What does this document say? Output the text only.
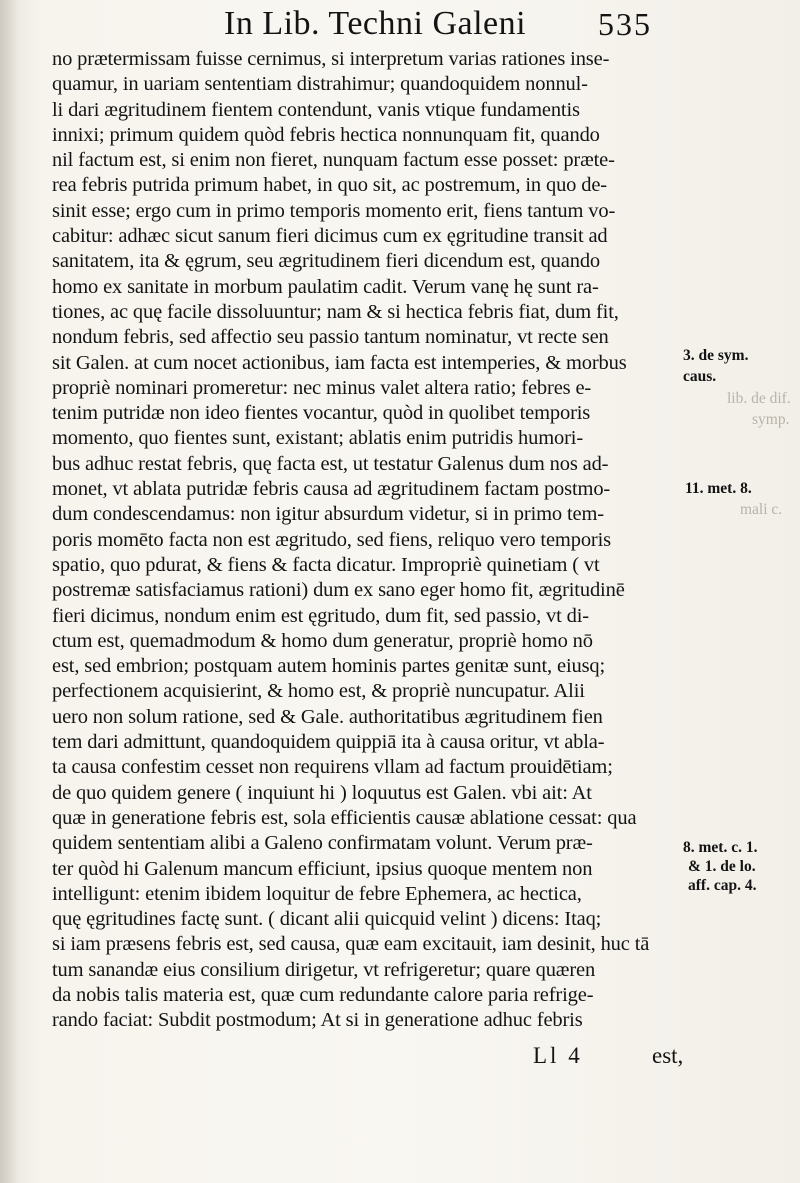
In Lib. Techni Galeni 535
no prætermissam fuisse cernimus, si interpretum varias rationes inse-
quamur, in uariam sententiam distrahimur; quandoquidem nonnul-
li dari ægritudinem fientem contendunt, vanis vtique fundamentis
innixi; primum quidem quòd febris hectica nonnunquam fit, quando
nil factum est, si enim non fieret, nunquam factum esse posset: præte-
rea febris putrida primum habet, in quo sit, ac postremum, in quo de-
sinit esse; ergo cum in primo temporis momento erit, fiens tantum vo-
cabitur: adhæc sicut sanum fieri dicimus cum ex ęgritudine transit ad
sanitatem, ita & ęgrum, seu ægritudinem fieri dicendum est, quando
homo ex sanitate in morbum paulatim cadit. Verum vanę hę sunt ra-
tiones, ac quę facile dissoluuntur; nam & si hectica febris fiat, dum fit,
nondum febris, sed affectio seu passio tantum nominatur, vt recte sen
sit Galen. at cum nocet actionibus, iam facta est intemperies, & morbus
propriè nominari promeretur: nec minus valet altera ratio; febres e-
tenim putridæ non ideo fientes vocantur, quòd in quolibet temporis
momento, quo fientes sunt, existant; ablatis enim putridis humori-
bus adhuc restat febris, quę facta est, ut testatur Galenus dum nos ad-
monet, vt ablata putridæ febris causa ad ægritudinem factam postmo-
dum condescendamus: non igitur absurdum videtur, si in primo tem-
poris momēto facta non est ægritudo, sed fiens, reliquo vero temporis
spatio, quo pdurat, & fiens & facta dicatur. Impropriè quinetiam ( vt
postremæ satisfaciamus rationi) dum ex sano eger homo fit, ægritudinē
fieri dicimus, nondum enim est ęgritudo, dum fit, sed passio, vt di-
ctum est, quemadmodum & homo dum generatur, propriè homo nō
est, sed embrion; postquam autem hominis partes genitæ sunt, eiusq;
perfectionem acquisierint, & homo est, & propriè nuncupatur. Alii
uero non solum ratione, sed & Gale. authoritatibus ægritudinem fien
tem dari admittunt, quandoquidem quippiā ita à causa oritur, vt abla-
ta causa confestim cesset non requirens vllam ad factum prouidētiam;
de quo quidem genere ( inquiunt hi ) loquutus est Galen. vbi ait: At
quæ in generatione febris est, sola efficientis causæ ablatione cessat: qua
quidem sententiam alibi a Galeno confirmatam volunt. Verum præ-
ter quòd hi Galenum mancum efficiunt, ipsius quoque mentem non
intelligunt: etenim ibidem loquitur de febre Ephemera, ac hectica,
quę ęgritudines factę sunt. ( dicant alii quicquid velint ) dicens: Itaq;
si iam præsens febris est, sed causa, quæ eam excitauit, iam desinit, huc tā
tum sanandæ eius consilium dirigetur, vt refrigeretur; quare quæren
da nobis talis materia est, quæ cum redundante calore paria refrige-
rando faciat: Subdit postmodum; At si in generatione adhuc febris
3. de sym.
caus.
lib. de dif.
symp.
11. met. 8.
mali c.
8. met. c. 1.
& 1. de lo.
aff. cap. 4.
Ll 4	est,
